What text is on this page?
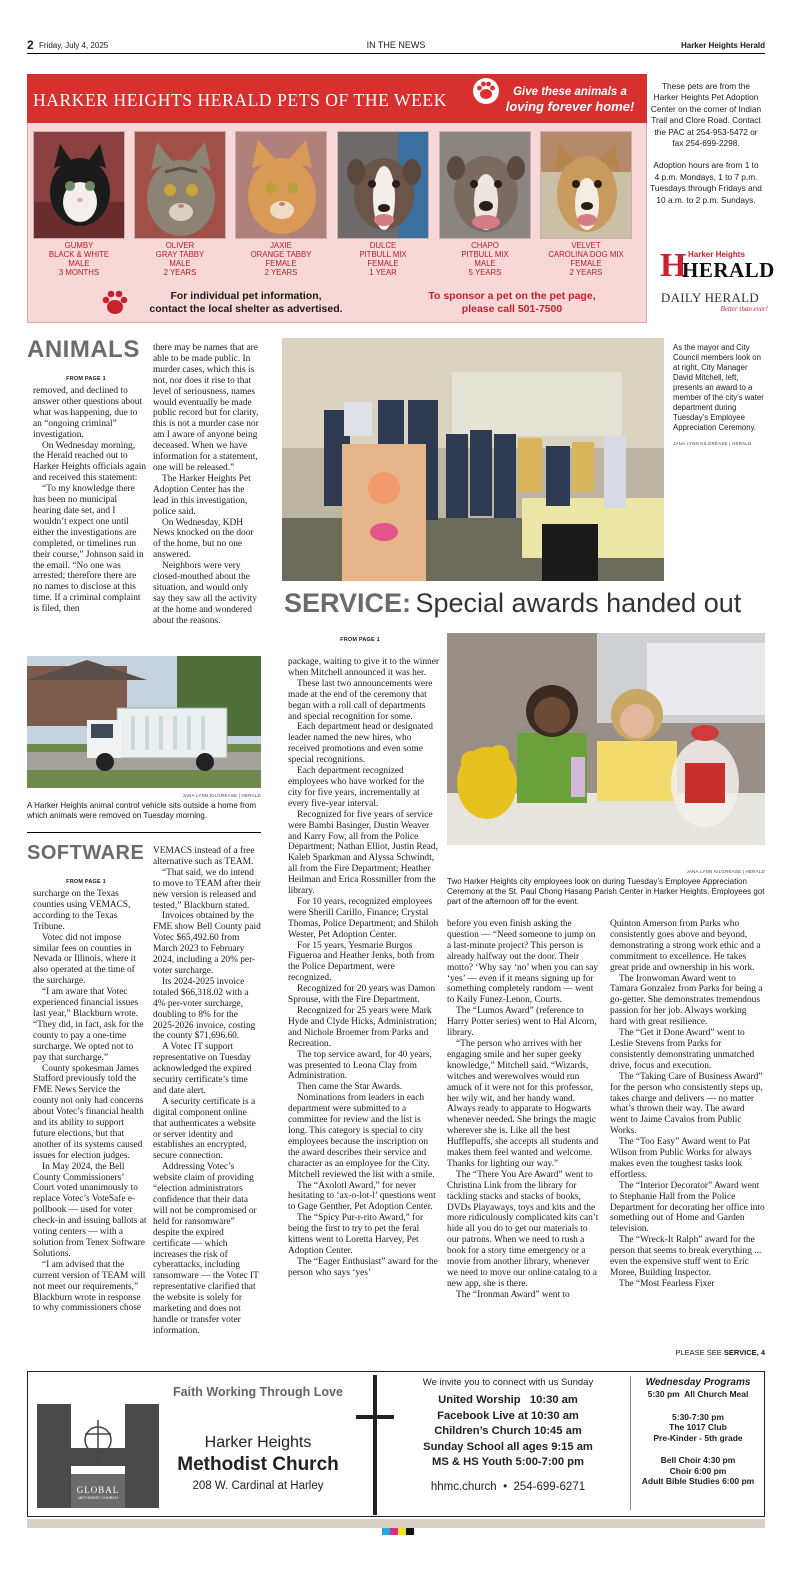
2 Friday, July 4, 2025	IN THE NEWS	Harker Heights Herald
HARKER HEIGHTS HERALD PETS OF THE WEEK	Give these animals a
loving forever home!
GUMBY
BLACK & WHITE
MALE
3 MONTHS
OLIVER
GRAY TABBY
MALE
2 YEARS
JAXIE
ORANGE TABBY
FEMALE
2 YEARS
DULCE
PITBULL MIX
FEMALE
1 YEAR
CHAPO
PITBULL MIX
MALE
5 YEARS
VELVET
CAROLINA DOG MIX
FEMALE
2 YEARS
For individual pet information,
contact the local shelter as advertised.
To sponsor a pet on the pet page,
please call 501-7500
These pets are from the Harker Heights Pet Adoption Center on the corner of Indian Trail and Clore Road. Contact the PAC at 254-953-5472 or fax 254-699-2298.
Adoption hours are from 1 to 4 p.m. Mondays, 1 to 7 p.m. Tuesdays through Fridays and 10 a.m. to 2 p.m. Sundays.
Harker Heights
H
HERALD
DAILY HERALD
Better than ever!
ANIMALS
FROM PAGE 1

removed, and declined to answer other questions about what was happening, due to an “ongoing criminal” investigation.

On Wednesday morning, the Herald reached out to Harker Heights officials again and received this statement:

“To my knowledge there has been no municipal hearing date set, and I wouldn’t expect one until either the investigations are completed, or timelines run their course,” Johnson said in the email. “No one was arrested; therefore there are no names to disclose at this time. If a criminal complaint is filed, then

there may be names that are able to be made public. In murder cases, which this is not, nor does it rise to that level of seriousness, names would eventually be made public record but for clarity, this is not a murder case nor am I aware of anyone being deceased. When we have information for a statement, one will be released.”

The Harker Heights Pet Adoption Center has the lead in this investigation, police said.

On Wednesday, KDH News knocked on the door of the home, but no one answered.

Neighbors were very closed-mouthed about the situation, and would only say they saw all the activity at the home and wondered about the reasons.

JANA LYNN KILGREASE | HERALD
A Harker Heights animal control vehicle sits outside a home from which animals were removed on Tuesday morning.
SOFTWARE
FROM PAGE 1

surcharge on the Texas counties using VEMACS, according to the Texas Tribune.

Votec did not impose similar fees on counties in Nevada or Illinois, where it also operated at the time of the surcharge.

“I am aware that Votec experienced financial issues last year,” Blackburn wrote. “They did, in fact, ask for the county to pay a one-time surcharge. We opted not to pay that surcharge.”

County spokesman James Stafford previously told the FME News Service the county not only had concerns about Votec’s financial health and its ability to support future elections, but that another of its systems caused issues for election judges.

In May 2024, the Bell County Commissioners’ Court voted unanimously to replace Votec’s VoteSafe e-pollbook — used for voter check-in and issuing ballots at voting centers — with a solution from Tenex Software Solutions.

“I am advised that the current version of TEAM will not meet our requirements,” Blackburn wrote in response to why commissioners chose

VEMACS instead of a free alternative such as TEAM.

“That said, we do intend to move to TEAM after their new version is released and tested,” Blackburn stated.

Invoices obtained by the FME show Bell County paid Votec $65,492.60 from March 2023 to February 2024, including a 20% per-voter surcharge.

Its 2024-2025 invoice totaled $66,318.02 with a 4% per-voter surcharge, doubling to 8% for the 2025-2026 invoice, costing the county $71,696.60.

A Votec IT support representative on Tuesday acknowledged the expired security certificate’s time and date alert.

A security certificate is a digital component online that authenticates a website or server identity and establishes an encrypted, secure connection.

Addressing Votec’s website claim of providing “election administrators confidence that their data will not be compromised or held for ransomware” despite the expired certificate — which increases the risk of cyberattacks, including ransomware — the Votec IT representative clarified that the website is solely for marketing and does not handle or transfer voter information.

As the mayor and City Council members look on at right, City Manager David Mitchell, left, presents an award to a member of the city’s water department during Tuesday’s Employee Appreciation Ceremony.
JANA LYNN KILGREASE | HERALD
SERVICE: Special awards handed out
FROM PAGE 1
JANA LYNN KILGREASE | HERALD
Two Harker Heights city employees look on during Tuesday’s Employee Appreciation Ceremony at the St. Paul Chong Hasang Parish Center in Harker Heights. Employees got part of the afternoon off for the event.

package, waiting to give it to the winner when Mitchell announced it was her.

These last two announcements were made at the end of the ceremony that began with a roll call of departments and special recognition for some.

Each department head or designated leader named the new hires, who received promotions and even some special recognitions.

Each department recognized employees who have worked for the city for five years, incrementally at every five-year interval.

Recognized for five years of service were Bambi Basinger, Dustin Weaver and Karry Fow, all from the Police Department; Nathan Elliot, Justin Read, Kaleb Sparkman and Alyssa Schwindt, all from the Fire Department; Heather Heilman and Erica Rossmiller from the library.

For 10 years, recognized employees were Sherill Carillo, Finance; Crystal Thomas, Police Department; and Shiloh Wester, Pet Adoption Center.

For 15 years, Yesmarie Burgos Figueroa and Heather Jenks, both from the Police Department, were recognized.

Recognized for 20 years was Damon Sprouse, with the Fire Department.

Recognized for 25 years were Mark Hyde and Clyde Hicks, Administration; and Nichole Broemer from Parks and Recreation.

The top service award, for 40 years, was presented to Leona Clay from Administration.

Then came the Star Awards.

Nominations from leaders in each department were submitted to a committee for review and the list is long. This category is special to city employees because the inscription on the award describes their service and character as an employee for the City. Mitchell reviewed the list with a smile.

The “Axolotl Award,” for never hesitating to ‘ax-o-lot-l’ questions went to Gage Genther, Pet Adoption Center.

The “Spicy Pur-r-rito Award,” for being the first to try to pet the feral kittens went to Loretta Harvey, Pet Adoption Center.

The “Eager Enthusiast” award for the person who says ‘yes’

before you even finish asking the question — “Need someone to jump on a last-minute project? This person is already halfway out the door. Their motto? ‘Why say ‘no’ when you can say ‘yes’ — even if it means signing up for something completely random — went to Kaily Funez-Lenon, Courts.

The “Lumos Award” (reference to Harry Potter series) went to Hal Alcorn, library.

“The person who arrives with her engaging smile and her super geeky knowledge,” Mitchell said. “Wizards, witches and werewolves would run amuck of it were not for this professor, her wily wit, and her handy wand. Always ready to apparate to Hogwarts whenever needed. She brings the magic wherever she is. Like all the best Hufflepuffs, she accepts all students and makes them feel wanted and welcome. Thanks for lighting our way.”

The “There You Are Award” went to Christina Link from the library for tackling stacks and stacks of books, DVDs Playaways, toys and kits and the more ridiculously complicated kits can’t hide all you do to get our materials to our patrons. When we need to rush a book for a story time emergency or a movie from another library, whenever we need to move our online catalog to a new app, she is there.

The “Ironman Award” went to

Quinton Amerson from Parks who consistently goes above and beyond, demonstrating a strong work ethic and a commitment to excellence. He takes great pride and ownership in his work.

The Ironwoman Award went to Tamara Gonzalez from Parks for being a go-getter. She demonstrates tremendous passion for her job. Always working hard with great resilience.

The “Get it Done Award” went to Leslie Stevens from Parks for consistently demonstrating unmatched drive, focus and execution.

The “Taking Care of Business Award” for the person who consistently steps up, takes charge and delivers — no matter what’s thrown their way. The award went to Jaime Cavalos from Public Works.

The “Too Easy” Award went to Pat Wilson from Public Works for always makes even the toughest tasks look effortless.

The “Interior Decorator” Award went to Stephanie Hall from the Police Department for decorating her office into something out of Home and Garden television.

The “Wreck-It Ralph” award for the person that seems to break everything ... even the expensive stuff went to Eric Moree, Building Inspector.

The “Most Fearless Fixer

PLEASE SEE SERVICE, 4
GLOBAL
METHODIST CHURCH
Faith Working Through Love
Harker Heights
Methodist Church
208 W. Cardinal at Harley
We invite you to connect with us Sunday
United Worship   10:30 am
Facebook Live at 10:30 am
Children’s Church 10:45 am
Sunday School all ages 9:15 am
MS & HS Youth 5:00-7:00 pm
hhmc.church  •  254-699-6271
Wednesday Programs
5:30 pm  All Church Meal
5:30-7:30 pm
The 1017 Club
Pre-Kinder - 5th grade
Bell Choir 4:30 pm
Choir 6:00 pm
Adult Bible Studies 6:00 pm
